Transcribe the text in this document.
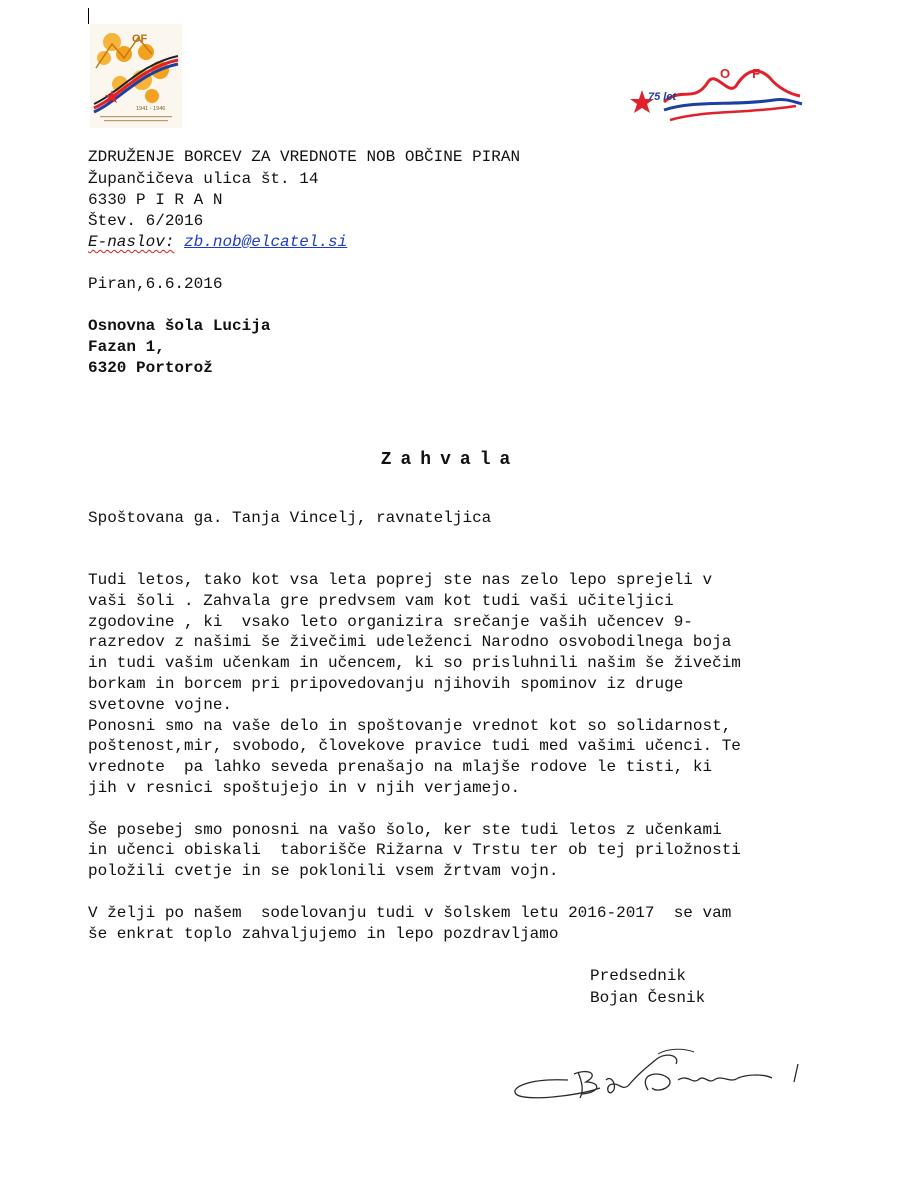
OF
1941 - 1946
75 let
OF
ZDRUŽENJE BORCEV ZA VREDNOTE NOB OBČINE PIRAN
Župančičeva ulica št. 14
6330 P I R A N
Štev. 6/2016
E-naslov: zb.nob@elcatel.si
Piran,6.6.2016
Osnovna šola Lucija
Fazan 1,
6320 Portorož
Zahvala
Spoštovana ga. Tanja Vincelj, ravnateljica
Tudi letos, tako kot vsa leta poprej ste nas zelo lepo sprejeli v
vaši šoli . Zahvala gre predvsem vam kot tudi vaši učiteljici
zgodovine , ki  vsako leto organizira srečanje vaših učencev 9-
razredov z našimi še živečimi udeleženci Narodno osvobodilnega boja
in tudi vašim učenkam in učencem, ki so prisluhnili našim še živečim
borkam in borcem pri pripovedovanju njihovih spominov iz druge
svetovne vojne.
Ponosni smo na vaše delo in spoštovanje vrednot kot so solidarnost,
poštenost,mir, svobodo, človekove pravice tudi med vašimi učenci. Te
vrednote  pa lahko seveda prenašajo na mlajše rodove le tisti, ki
jih v resnici spoštujejo in v njih verjamejo.
Še posebej smo ponosni na vašo šolo, ker ste tudi letos z učenkami
in učenci obiskali  taborišče Rižarna v Trstu ter ob tej priložnosti
položili cvetje in se poklonili vsem žrtvam vojn.
V želji po našem  sodelovanju tudi v šolskem letu 2016-2017  se vam
še enkrat toplo zahvaljujemo in lepo pozdravljamo
Predsednik
Bojan Česnik
